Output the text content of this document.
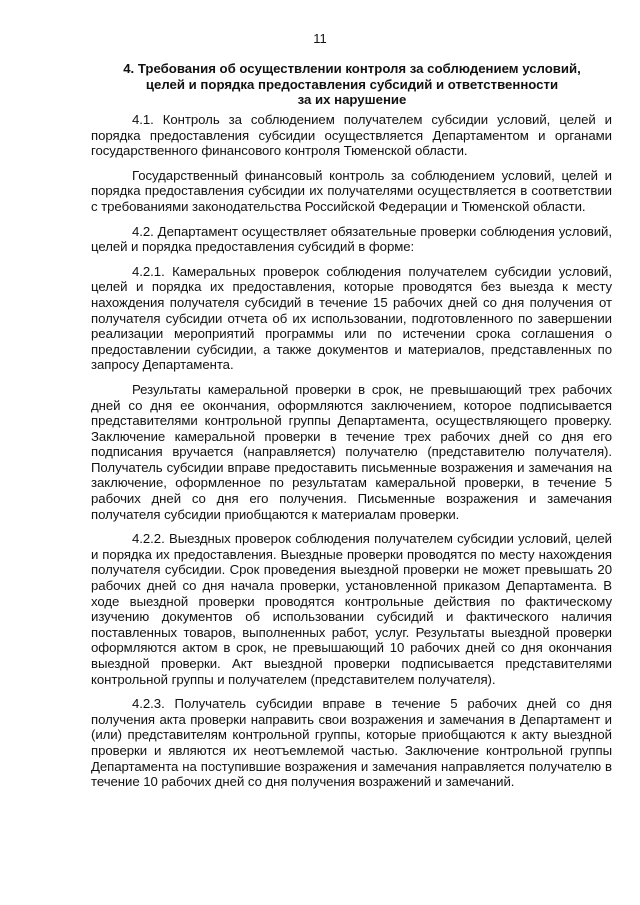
11
4. Требования об осуществлении контроля за соблюдением условий,
целей и порядка предоставления субсидий и ответственности
за их нарушение

4.1. Контроль за соблюдением получателем субсидии условий, целей и порядка предоставления субсидии осуществляется Департаментом и органами государственного финансового контроля Тюменской области.

Государственный финансовый контроль за соблюдением условий, целей и порядка предоставления субсидии их получателями осуществляется в соответствии с требованиями законодательства Российской Федерации и Тюменской области.

4.2. Департамент осуществляет обязательные проверки соблюдения условий, целей и порядка предоставления субсидий в форме:

4.2.1. Камеральных проверок соблюдения получателем субсидии условий, целей и порядка их предоставления, которые проводятся без выезда к месту нахождения получателя субсидий в течение 15 рабочих дней со дня получения от получателя субсидии отчета об их использовании, подготовленного по завершении реализации мероприятий программы или по истечении срока соглашения о предоставлении субсидии, а также документов и материалов, представленных по запросу Департамента.

Результаты камеральной проверки в срок, не превышающий трех рабочих дней со дня ее окончания, оформляются заключением, которое подписывается представителями контрольной группы Департамента, осуществляющего проверку. Заключение камеральной проверки в течение трех рабочих дней со дня его подписания вручается (направляется) получателю (представителю получателя). Получатель субсидии вправе предоставить письменные возражения и замечания на заключение, оформленное по результатам камеральной проверки, в течение 5 рабочих дней со дня его получения. Письменные возражения и замечания получателя субсидии приобщаются к материалам проверки.

4.2.2. Выездных проверок соблюдения получателем субсидии условий, целей и порядка их предоставления. Выездные проверки проводятся по месту нахождения получателя субсидии. Срок проведения выездной проверки не может превышать 20 рабочих дней со дня начала проверки, установленной приказом Департамента. В ходе выездной проверки проводятся контрольные действия по фактическому изучению документов об использовании субсидий и фактического наличия поставленных товаров, выполненных работ, услуг. Результаты выездной проверки оформляются актом в срок, не превышающий 10 рабочих дней со дня окончания выездной проверки. Акт выездной проверки подписывается представителями контрольной группы и получателем (представителем получателя).

4.2.3. Получатель субсидии вправе в течение 5 рабочих дней со дня получения акта проверки направить свои возражения и замечания в Департамент и (или) представителям контрольной группы, которые приобщаются к акту выездной проверки и являются их неотъемлемой частью. Заключение контрольной группы Департамента на поступившие возражения и замечания направляется получателю в течение 10 рабочих дней со дня получения возражений и замечаний.
